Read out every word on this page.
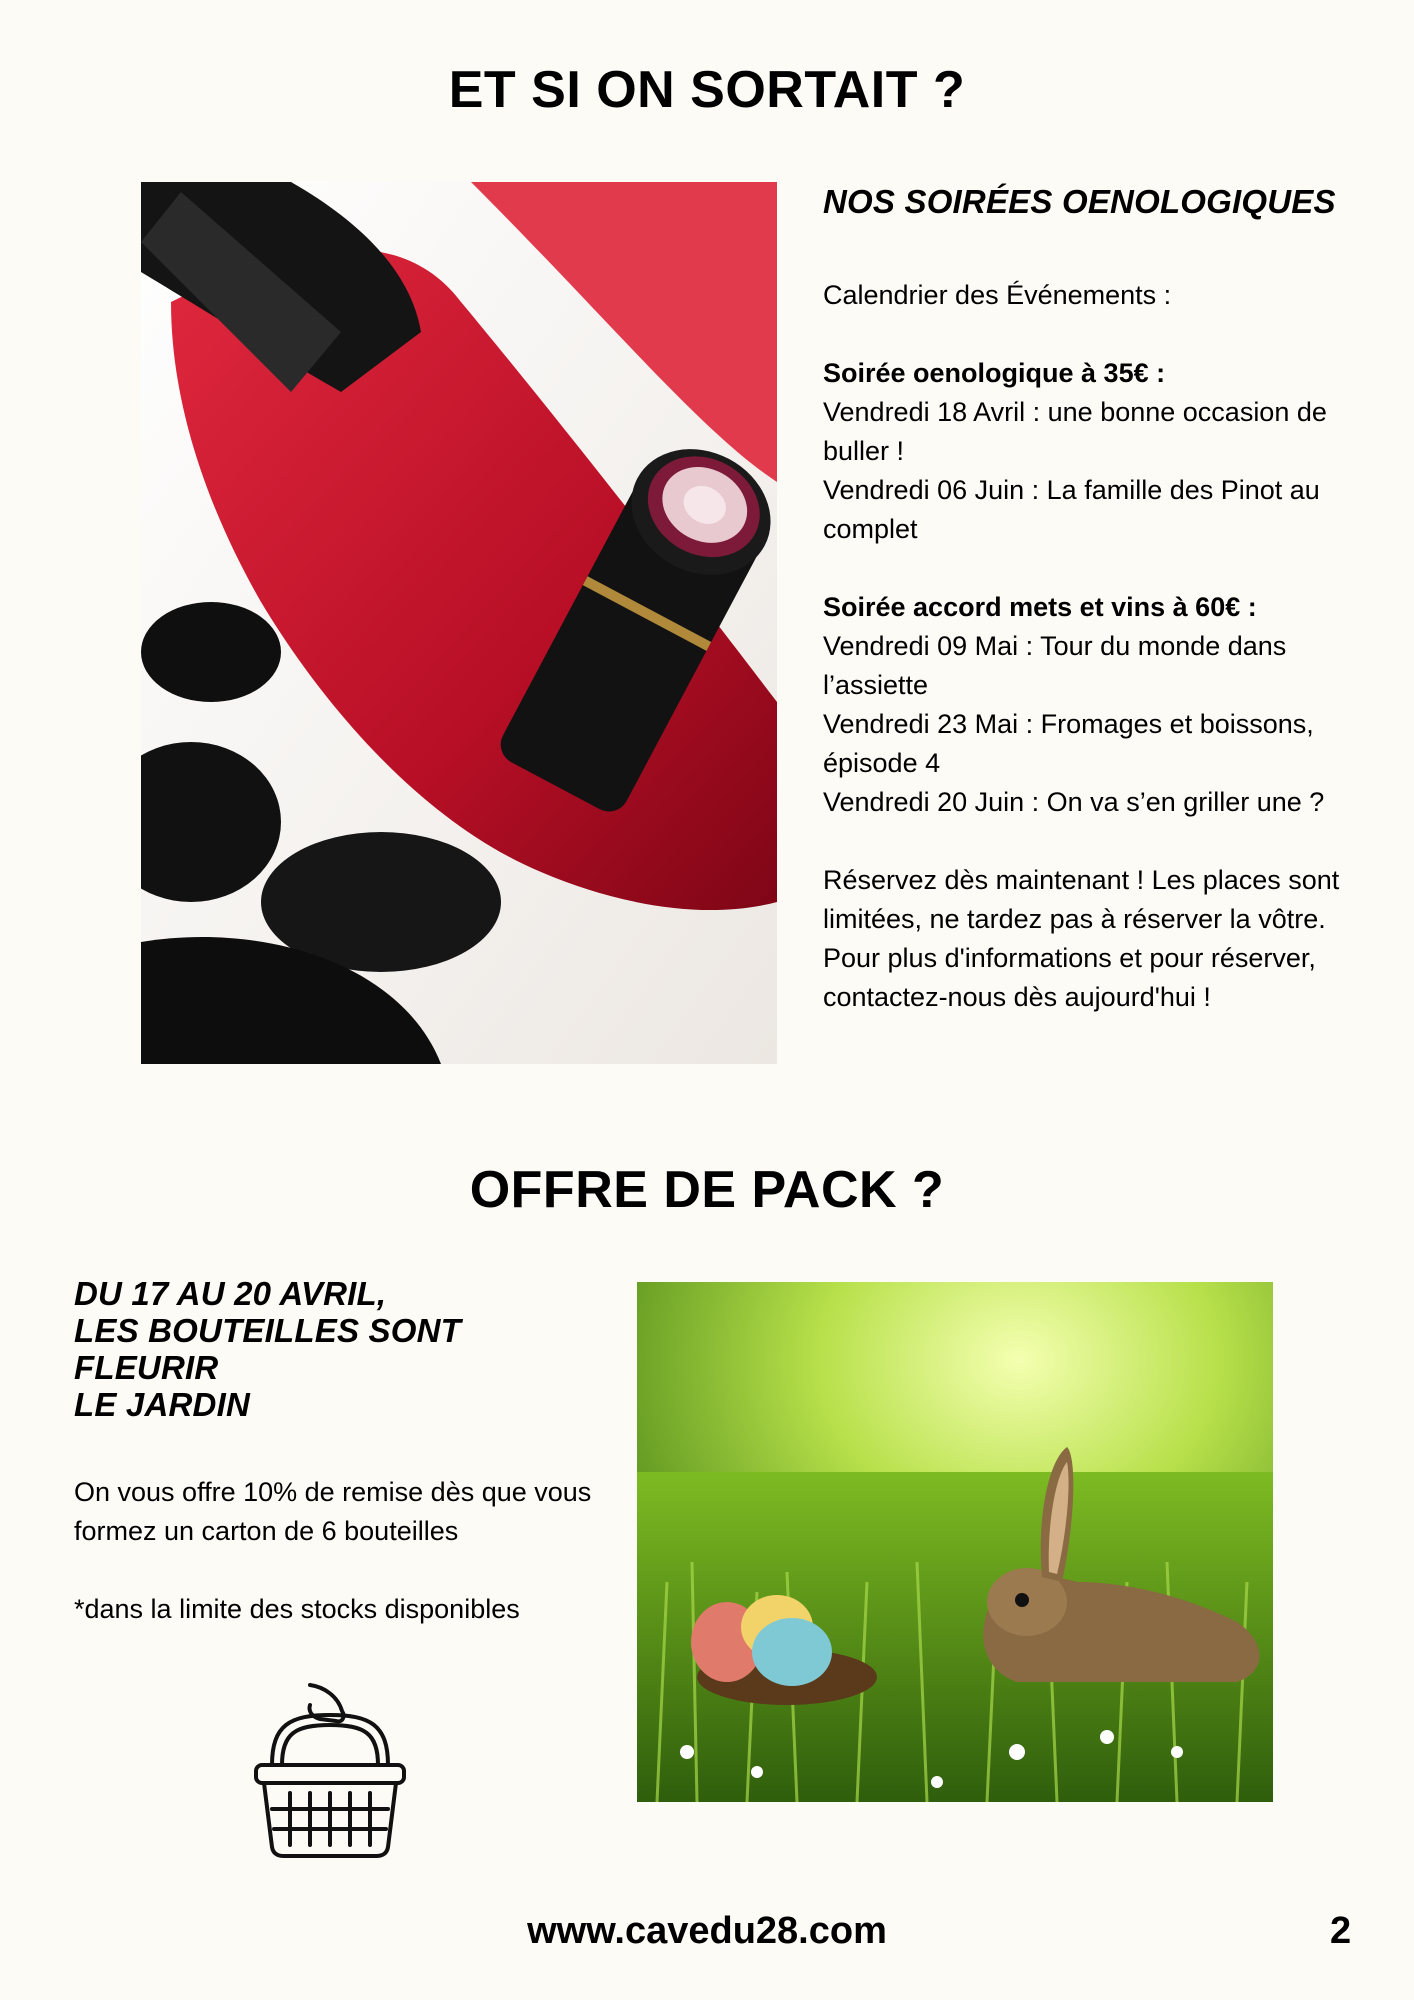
ET SI ON SORTAIT ?
NOS SOIRÉES OENOLOGIQUES

Calendrier des Événements :

Soirée oenologique à 35€ :

Vendredi 18 Avril : une bonne occasion de buller !

Vendredi 06 Juin : La famille des Pinot au complet

Soirée accord mets et vins à 60€ :

Vendredi 09 Mai : Tour du monde dans l’assiette

Vendredi 23 Mai : Fromages et boissons, épisode 4

Vendredi 20 Juin : On va s’en griller une ?

Réservez dès maintenant ! Les places sont limitées, ne tardez pas à réserver la vôtre. Pour plus d'informations et pour réserver, contactez-nous dès aujourd'hui !

OFFRE DE PACK ?
DU 17 AU 20 AVRIL,
LES BOUTEILLES SONT FLEURIR
LE JARDIN

On vous offre 10% de remise dès que vous formez un carton de 6 bouteilles

*dans la limite des stocks disponibles

www.cavedu28.com	2
